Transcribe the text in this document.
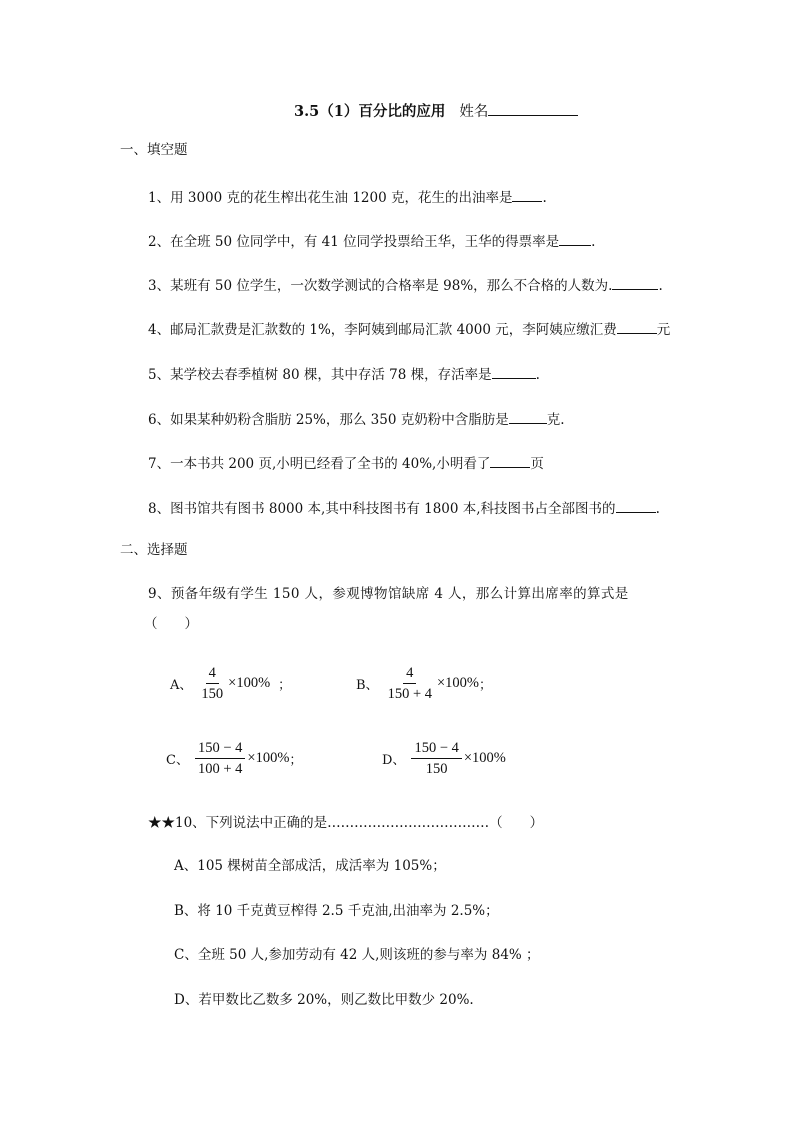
3.5（1）百分比的应用 姓名
一、填空题
1、用 3000 克的花生榨出花生油 1200 克，花生的出油率是 .
2、在全班 50 位同学中，有 41 位同学投票给王华，王华的得票率是 .
3、某班有 50 位学生，一次数学测试的合格率是 98%，那么不合格的人数为.	.
4、邮局汇款费是汇款数的 1%，李阿姨到邮局汇款 4000 元，李阿姨应缴汇费	元
5、某学校去春季植树 80 棵，其中存活 78 棵，存活率是	.
6、如果某种奶粉含脂肪 25%，那么 350 克奶粉中含脂肪是	克.
7、一本书共 200 页,小明已经看了全书的 40%,小明看了	页
8、图书馆共有图书 8000 本,其中科技图书有 1800 本,科技图书占全部图书的	.
二、选择题
9、预备年级有学生 150 人，参观博物馆缺席 4 人，那么计算出席率的算式是
（　　）
A、 $\frac{4}{150} \times 100\%$ ；	B、 $\frac{4}{150 + 4} \times 100\%$ ；
C、 $\frac{150 - 4}{100 + 4} \times 100\%$ ；	D、 $\frac{150 - 4}{150} \times 100\%$
★★10、下列说法中正确的是………………………………（　　）
A、105 棵树苗全部成活，成活率为 105%；
B、将 10 千克黄豆榨得 2.5 千克油,出油率为 2.5%；
C、全班 50 人,参加劳动有 42 人,则该班的参与率为 84% ；
D、若甲数比乙数多 20%，则乙数比甲数少 20%.
